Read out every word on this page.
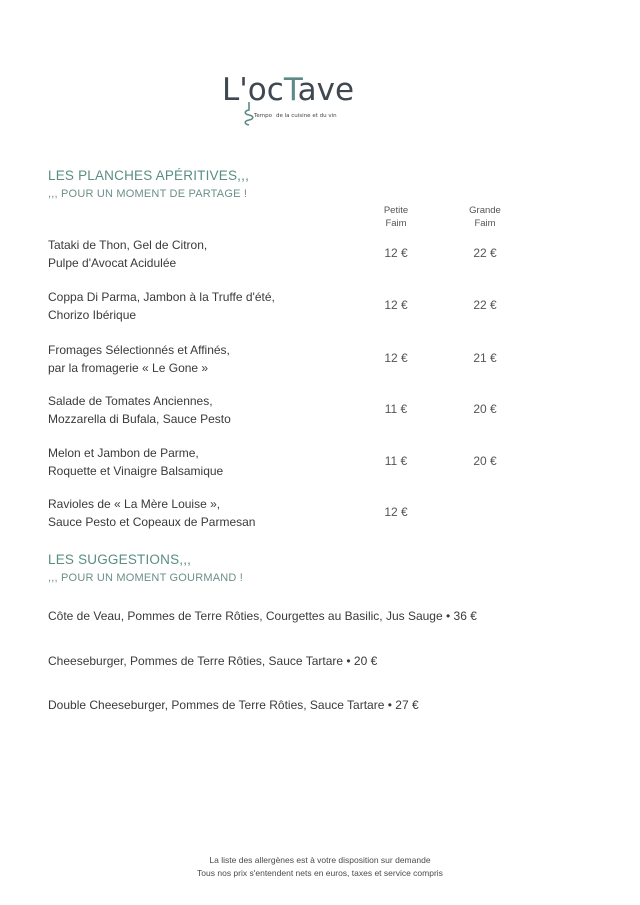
L'ocTave
Tempo de la cuisine et du vin
LES PLANCHES APÉRITIVES,,,
,,, POUR UN MOMENT DE PARTAGE !
Petite
Faim
Grande
Faim
Tataki de Thon, Gel de Citron,
Pulpe d'Avocat Acidulée
12 €	22 €
Coppa Di Parma, Jambon à la Truffe d'été,
Chorizo Ibérique
12 €	22 €
Fromages Sélectionnés et Affinés,
par la fromagerie « Le Gone »
12 €	21 €
Salade de Tomates Anciennes,
Mozzarella di Bufala, Sauce Pesto
11 €	20 €
Melon et Jambon de Parme,
Roquette et Vinaigre Balsamique
11 €	20 €
Ravioles de « La Mère Louise »,
Sauce Pesto et Copeaux de Parmesan
12 €
LES SUGGESTIONS,,,
,,, POUR UN MOMENT GOURMAND !
Côte de Veau, Pommes de Terre Rôties, Courgettes au Basilic, Jus Sauge • 36 €
Cheeseburger, Pommes de Terre Rôties, Sauce Tartare • 20 €
Double Cheeseburger, Pommes de Terre Rôties, Sauce Tartare • 27 €
La liste des allergènes est à votre disposition sur demande
Tous nos prix s'entendent nets en euros, taxes et service compris
